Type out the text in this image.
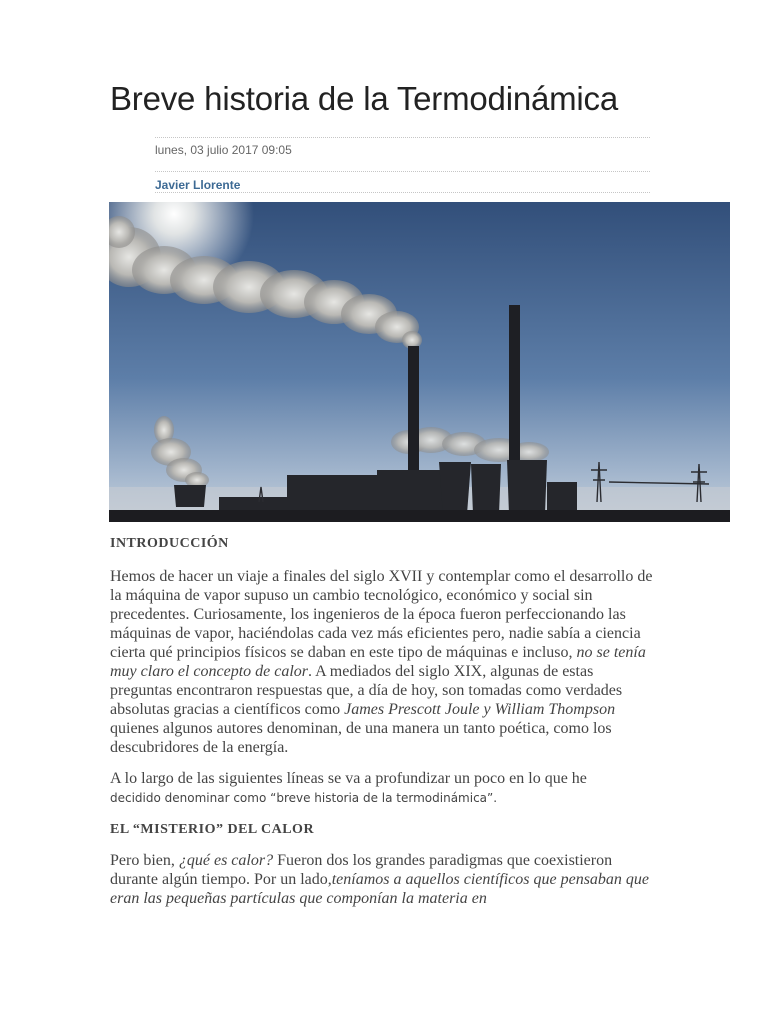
Breve historia de la Termodinámica
lunes, 03 julio 2017 09:05
Javier Llorente
INTRODUCCIÓN

Hemos de hacer un viaje a finales del siglo XVII y contemplar como el desarrollo de la máquina de vapor supuso un cambio tecnológico, económico y social sin precedentes. Curiosamente, los ingenieros de la época fueron perfeccionando las máquinas de vapor, haciéndolas cada vez más eficientes pero, nadie sabía a ciencia cierta qué principios físicos se daban en este tipo de máquinas e incluso, no se tenía muy claro el concepto de calor. A mediados del siglo XIX, algunas de estas preguntas encontraron respuestas que, a día de hoy, son tomadas como verdades absolutas gracias a científicos como James Prescott Joule y William Thompson quienes algunos autores denominan, de una manera un tanto poética, como los descubridores de la energía.

A lo largo de las siguientes líneas se va a profundizar un poco en lo que he
decidido denominar como “breve historia de la termodinámica”.

EL “MISTERIO” DEL CALOR

Pero bien, ¿qué es calor? Fueron dos los grandes paradigmas que coexistieron durante algún tiempo. Por un lado,teníamos a aquellos científicos que pensaban que eran las pequeñas partículas que componían la materia en
